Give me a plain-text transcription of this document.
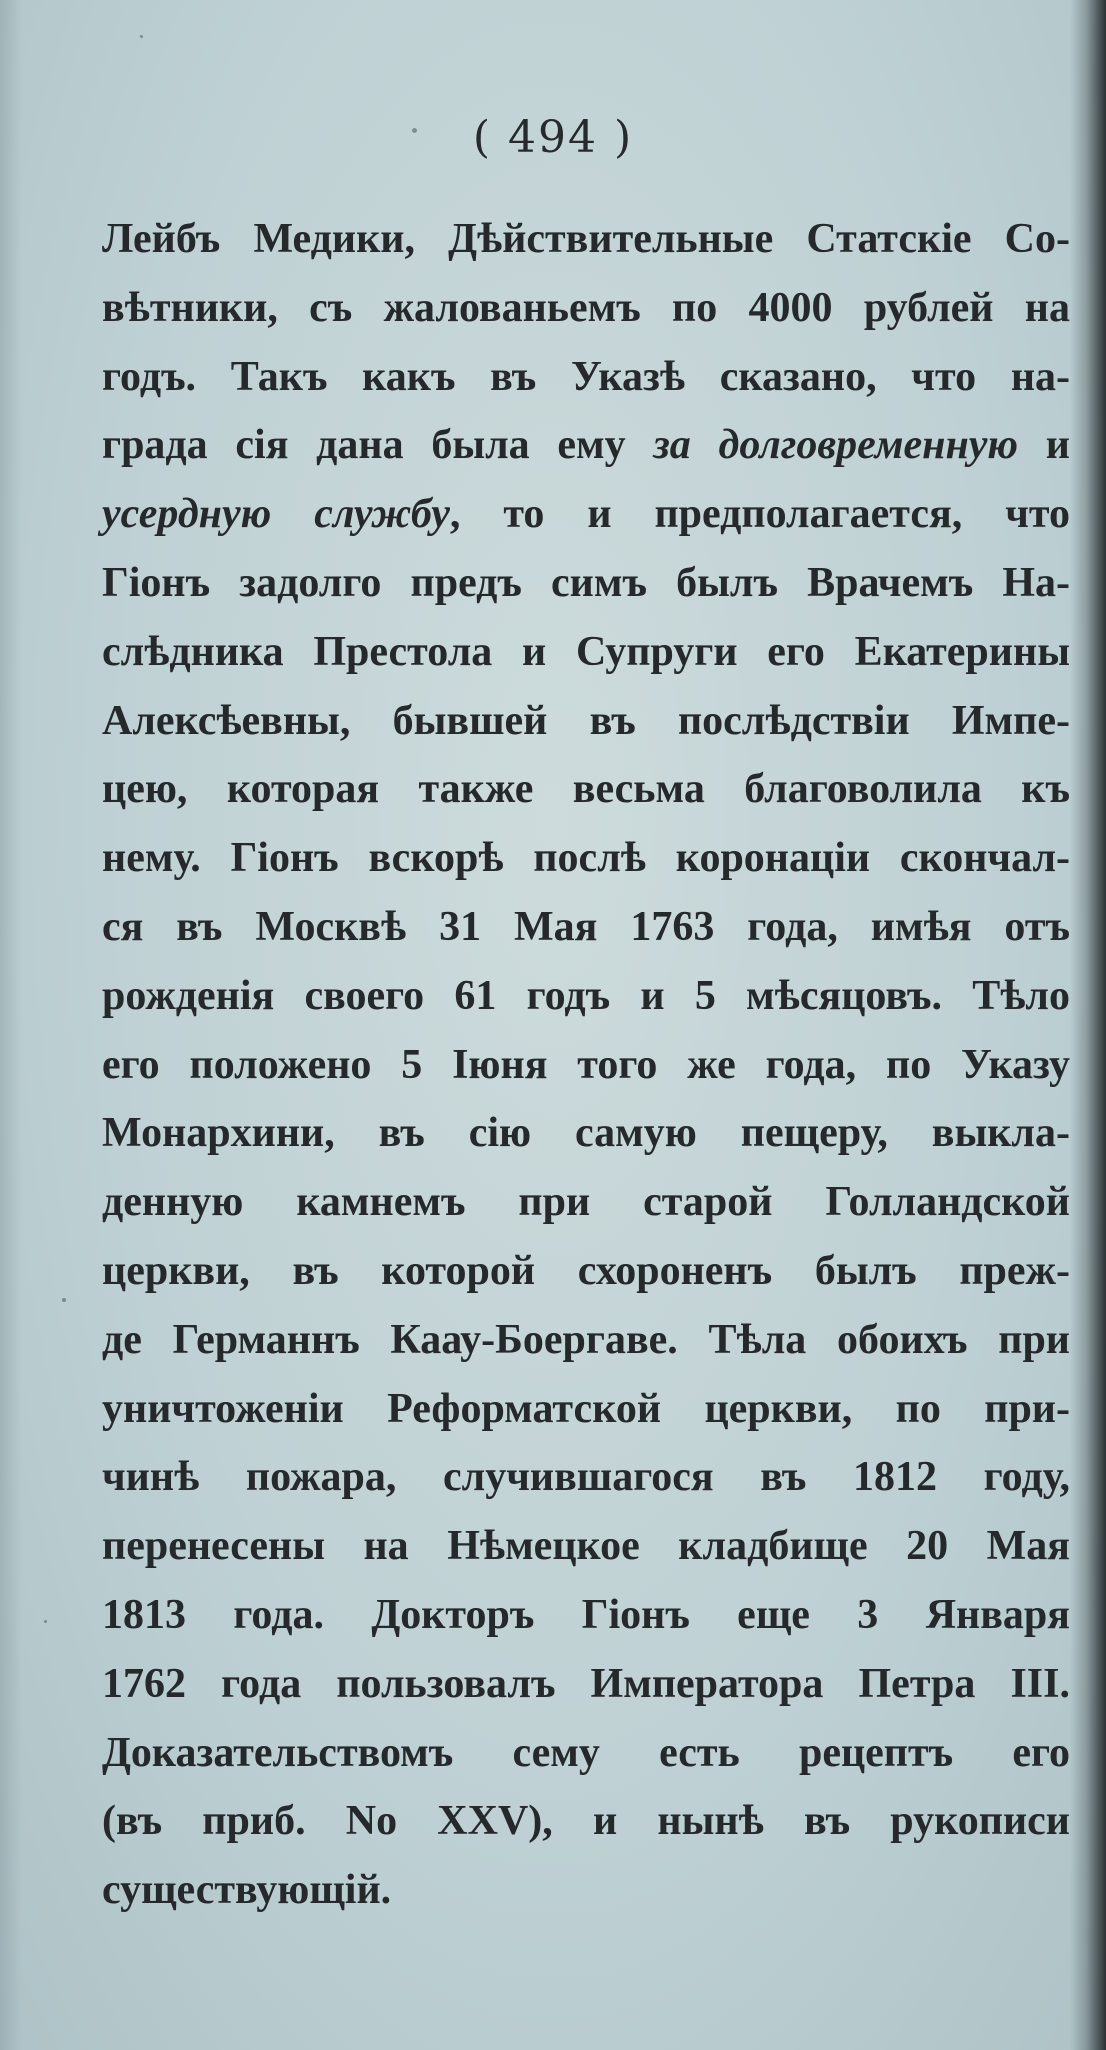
( 494 )
Лейбъ Медики, Дѣйствительные Статскіе Со-
вѣтники, съ жалованьемъ по 4000 рублей на
годъ. Такъ какъ въ Указѣ сказано, что на-
града сія дана была ему за долговременную и
усердную службу, то и предполагается, что
Гіонъ задолго предъ симъ былъ Врачемъ На-
слѣдника Престола и Супруги его Екатерины
Алексѣевны, бывшей въ послѣдствіи Импе-
цею, которая также весьма благоволила къ
нему. Гіонъ вскорѣ послѣ коронаціи скончал-
ся въ Москвѣ 31 Мая 1763 года, имѣя отъ
рожденія своего 61 годъ и 5 мѣсяцовъ. Тѣло
его положено 5 Іюня того же года, по Указу
Монархини, въ сію самую пещеру, выкла-
денную камнемъ при старой Голландской
церкви, въ которой схороненъ былъ преж-
де Германнъ Каау-Боергаве. Тѣла обоихъ при
уничтоженіи Реформатской церкви, по при-
чинѣ пожара, случившагося въ 1812 году,
перенесены на Нѣмецкое кладбище 20 Мая
1813 года. Докторъ Гіонъ еще 3 Января
1762 года пользовалъ Императора Петра III.
Доказательствомъ сему есть рецептъ его
(въ приб. No XXV), и нынѣ въ рукописи
существующій.
